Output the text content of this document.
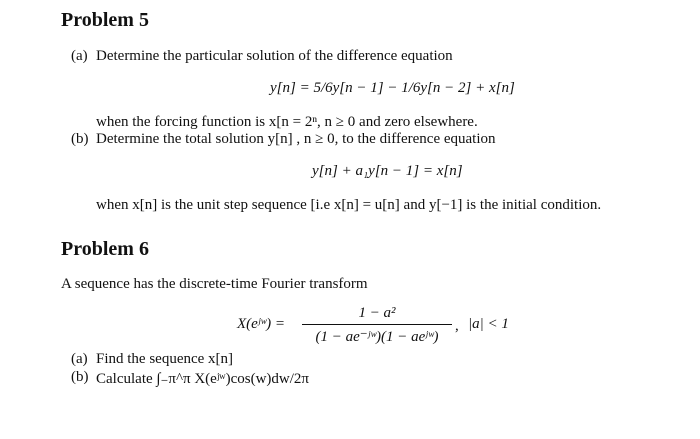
Problem 5
(a) Determine the particular solution of the difference equation
y[n] = 5/6y[n − 1] − 1/6y[n − 2] + x[n]
when the forcing function is x[n = 2ⁿ, n ≥ 0 and zero elsewhere.
(b) Determine the total solution y[n] , n ≥ 0, to the difference equation
y[n] + a₁y[n − 1] = x[n]
when x[n] is the unit step sequence [i.e x[n] = u[n] and y[−1] is the initial condition.
Problem 6
A sequence has the discrete-time Fourier transform
X(eʲʷ) =
1 − a²
(1 − ae⁻ʲʷ)(1 − aeʲʷ)
, |a| < 1
(a) Find the sequence x[n]
(b) Calculate ∫₋π^π X(eʲʷ)cos(w)dw/2π
